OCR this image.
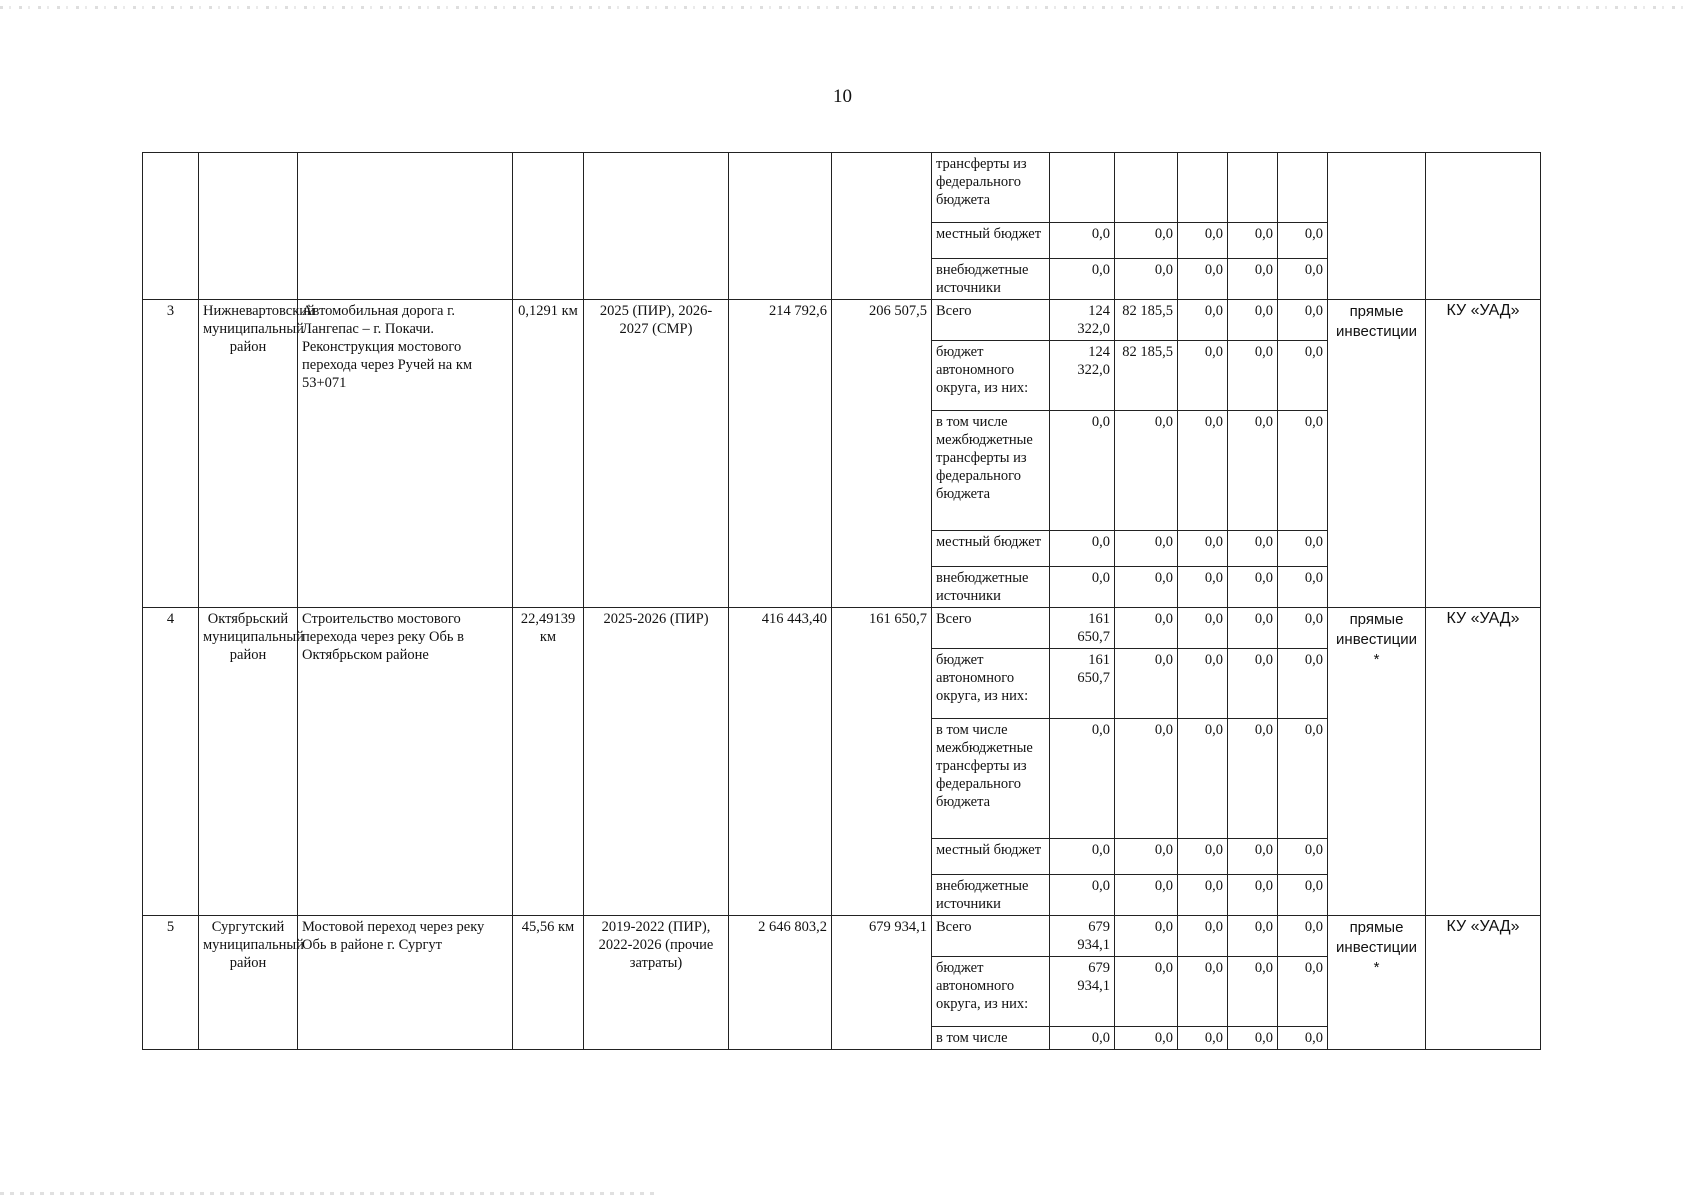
10
							трансферты из федерального бюджета							
							местный бюджет	0,0	0,0	0,0	0,0	0,0		
							внебюджетные источники	0,0	0,0	0,0	0,0	0,0		
3	Нижневартовский муниципальный район	Автомобильная дорога г. Лангепас – г. Покачи. Реконструкция мостового перехода через Ручей на км 53+071	0,1291 км	2025 (ПИР), 2026-2027 (СМР)	214 792,6	206 507,5	Всего	124 322,0	82 185,5	0,0	0,0	0,0	прямые инвестиции	КУ «УАД»
							бюджет автономного округа, из них:	124 322,0	82 185,5	0,0	0,0	0,0		
							в том числе межбюджетные трансферты из федерального бюджета	0,0	0,0	0,0	0,0	0,0		
							местный бюджет	0,0	0,0	0,0	0,0	0,0		
							внебюджетные источники	0,0	0,0	0,0	0,0	0,0		
4	Октябрьский муниципальный район	Строительство мостового перехода через реку Обь в Октябрьском районе	22,49139 км	2025-2026 (ПИР)	416 443,40	161 650,7	Всего	161 650,7	0,0	0,0	0,0	0,0	прямые инвестиции *	КУ «УАД»
							бюджет автономного округа, из них:	161 650,7	0,0	0,0	0,0	0,0		
							в том числе межбюджетные трансферты из федерального бюджета	0,0	0,0	0,0	0,0	0,0		
							местный бюджет	0,0	0,0	0,0	0,0	0,0		
							внебюджетные источники	0,0	0,0	0,0	0,0	0,0		
5	Сургутский муниципальный район	Мостовой переход через реку Обь в районе г. Сургут	45,56 км	2019-2022 (ПИР), 2022-2026 (прочие затраты)	2 646 803,2	679 934,1	Всего	679 934,1	0,0	0,0	0,0	0,0	прямые инвестиции *	КУ «УАД»
							бюджет автономного округа, из них:	679 934,1	0,0	0,0	0,0	0,0		
							в том числе	0,0	0,0	0,0	0,0	0,0		
